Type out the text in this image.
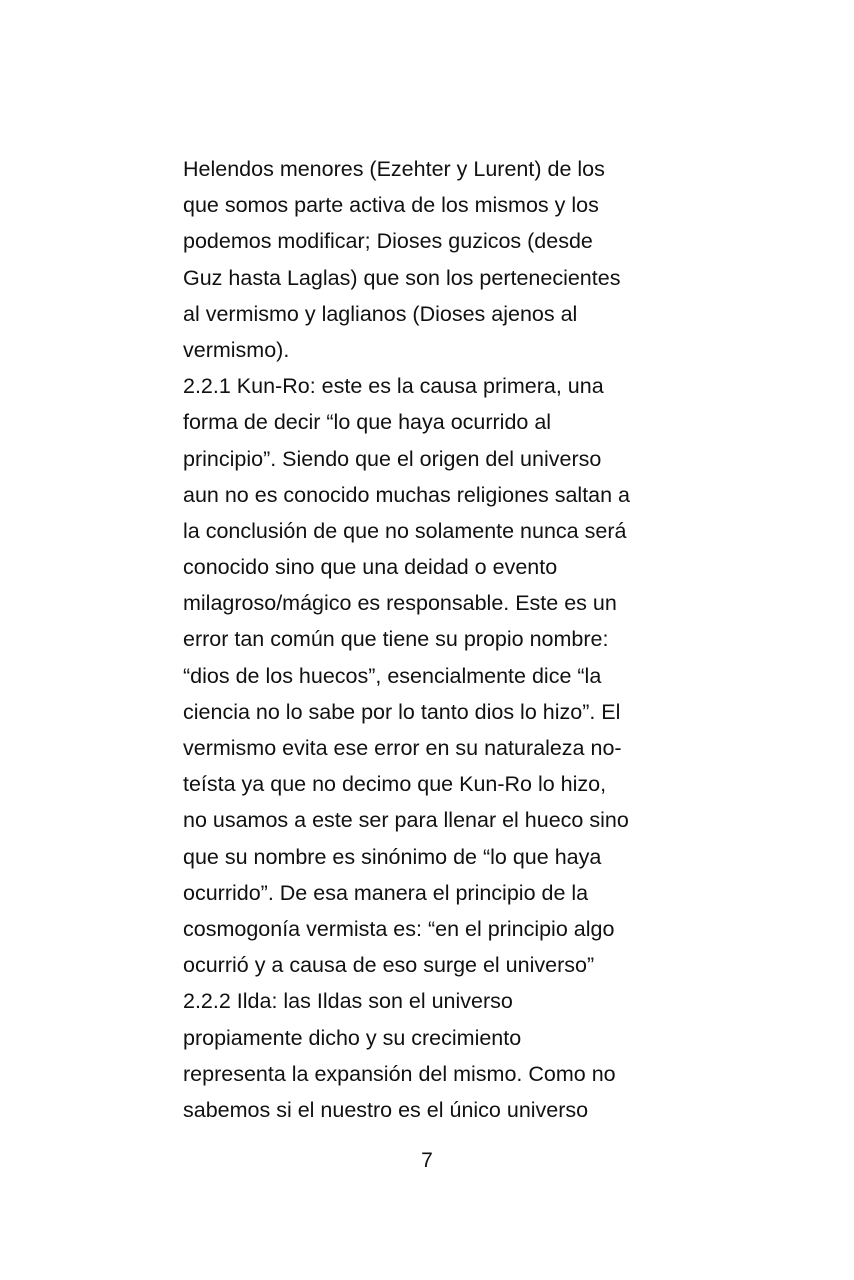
Helendos menores (Ezehter y Lurent) de los
que somos parte activa de los mismos y los
podemos modificar; Dioses guzicos (desde
Guz hasta Laglas) que son los pertenecientes
al vermismo y laglianos (Dioses ajenos al
vermismo).
2.2.1 Kun-Ro: este es la causa primera, una
forma de decir “lo que haya ocurrido al
principio”. Siendo que el origen del universo
aun no es conocido muchas religiones saltan a
la conclusión de que no solamente nunca será
conocido sino que una deidad o evento
milagroso/mágico es responsable. Este es un
error tan común que tiene su propio nombre:
“dios de los huecos”, esencialmente dice “la
ciencia no lo sabe por lo tanto dios lo hizo”. El
vermismo evita ese error en su naturaleza no-
teísta ya que no decimo que Kun-Ro lo hizo,
no usamos a este ser para llenar el hueco sino
que su nombre es sinónimo de “lo que haya
ocurrido”. De esa manera el principio de la
cosmogonía vermista es: “en el principio algo
ocurrió y a causa de eso surge el universo”
2.2.2 Ilda: las Ildas son el universo
propiamente dicho y su crecimiento
representa la expansión del mismo. Como no
sabemos si el nuestro es el único universo
7
